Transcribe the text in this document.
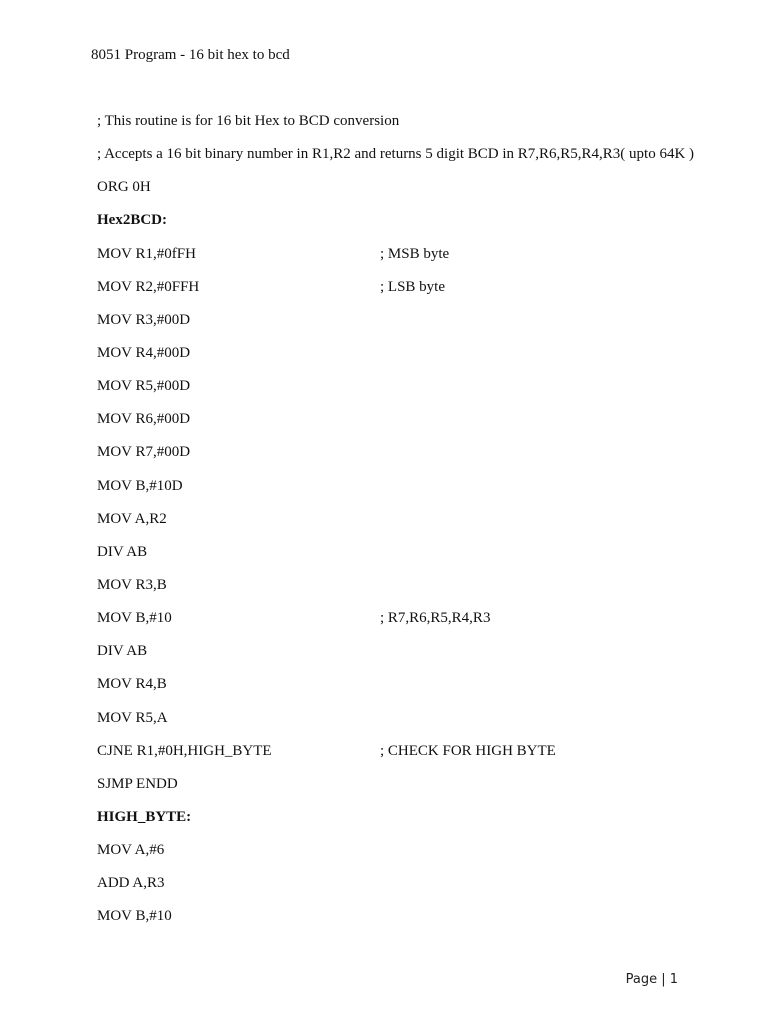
8051 Program - 16 bit hex to bcd
; This routine is for 16 bit Hex to BCD conversion
; Accepts a 16 bit binary number in R1,R2 and returns 5 digit BCD in R7,R6,R5,R4,R3( upto 64K )
ORG 0H
Hex2BCD:
MOV R1,#0fFH	; MSB byte
MOV R2,#0FFH	; LSB byte
MOV R3,#00D
MOV R4,#00D
MOV R5,#00D
MOV R6,#00D
MOV R7,#00D
MOV B,#10D
MOV A,R2
DIV AB
MOV R3,B
MOV B,#10	; R7,R6,R5,R4,R3
DIV AB
MOV R4,B
MOV R5,A
CJNE R1,#0H,HIGH_BYTE	; CHECK FOR HIGH BYTE
SJMP ENDD
HIGH_BYTE:
MOV A,#6
ADD A,R3
MOV B,#10
Page | 1
